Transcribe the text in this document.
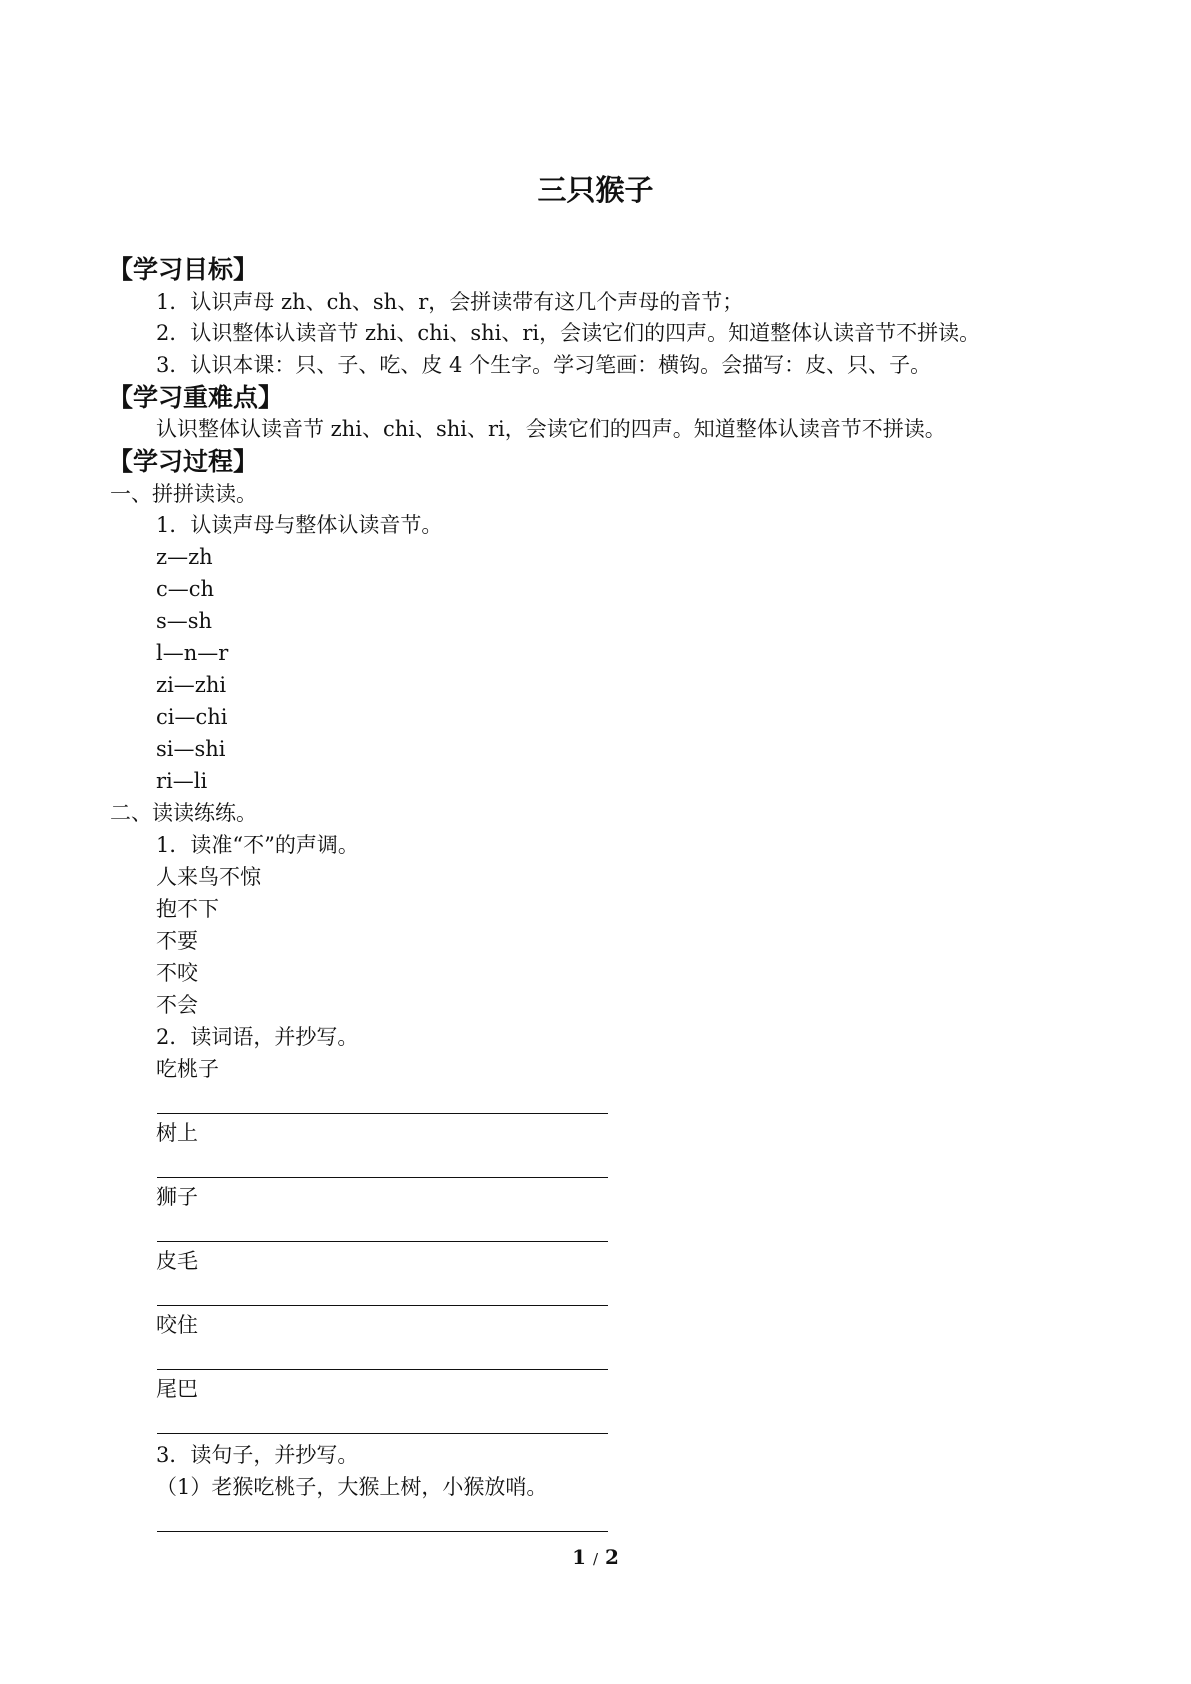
三只猴子
【学习目标】
1．认识声母 zh、ch、sh、r，会拼读带有这几个声母的音节；
2．认识整体认读音节 zhi、chi、shi、ri，会读它们的四声。知道整体认读音节不拼读。
3．认识本课：只、子、吃、皮 4 个生字。学习笔画：横钩。会描写：皮、只、子。
【学习重难点】
认识整体认读音节 zhi、chi、shi、ri，会读它们的四声。知道整体认读音节不拼读。
【学习过程】
一、拼拼读读。
1．认读声母与整体认读音节。
z—zh
c—ch
s—sh
l—n—r
zi—zhi
ci—chi
si—shi
ri—li
二、读读练练。
1．读准“不”的声调。
人来鸟不惊
抱不下
不要
不咬
不会
2．读词语，并抄写。
吃桃子
树上
狮子
皮毛
咬住
尾巴
3．读句子，并抄写。
（1）老猴吃桃子，大猴上树，小猴放哨。
1 / 2
